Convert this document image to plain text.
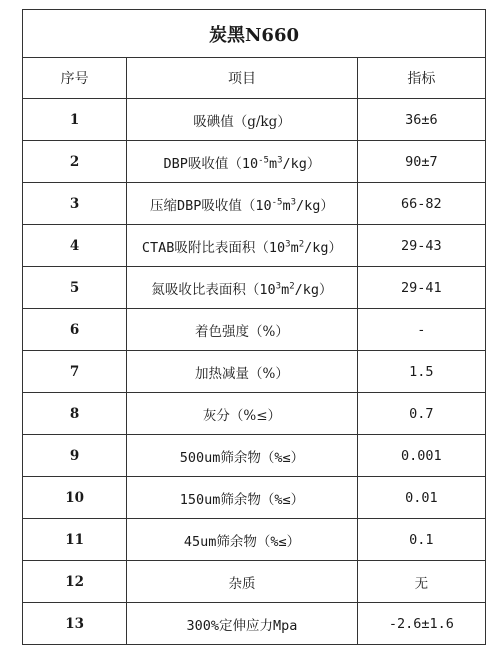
炭黑N660		
序号	项目	指标
1	吸碘值（g/kg）	36±6
2	DBP吸收值$(10^{-5}m^3/kg)$	90±7
3	压缩DBP吸收值$(10^{-5}m^3/kg)$	66-82
4	CTAB吸附比表面积$(10^3m^2/kg)$	29-43
5	氮吸收比表面积$(10^3m^2/kg)$	29-41
6	着色强度（%）	-
7	加热减量（%）	1.5
8	灰分（%≤）	0.7
9	500um筛余物（%≤）	0.001
10	150um筛余物（%≤）	0.01
11	45um筛余物（%≤）	0.1
12	杂质	无
13	300%定伸应力Mpa	-2.6±1.6
